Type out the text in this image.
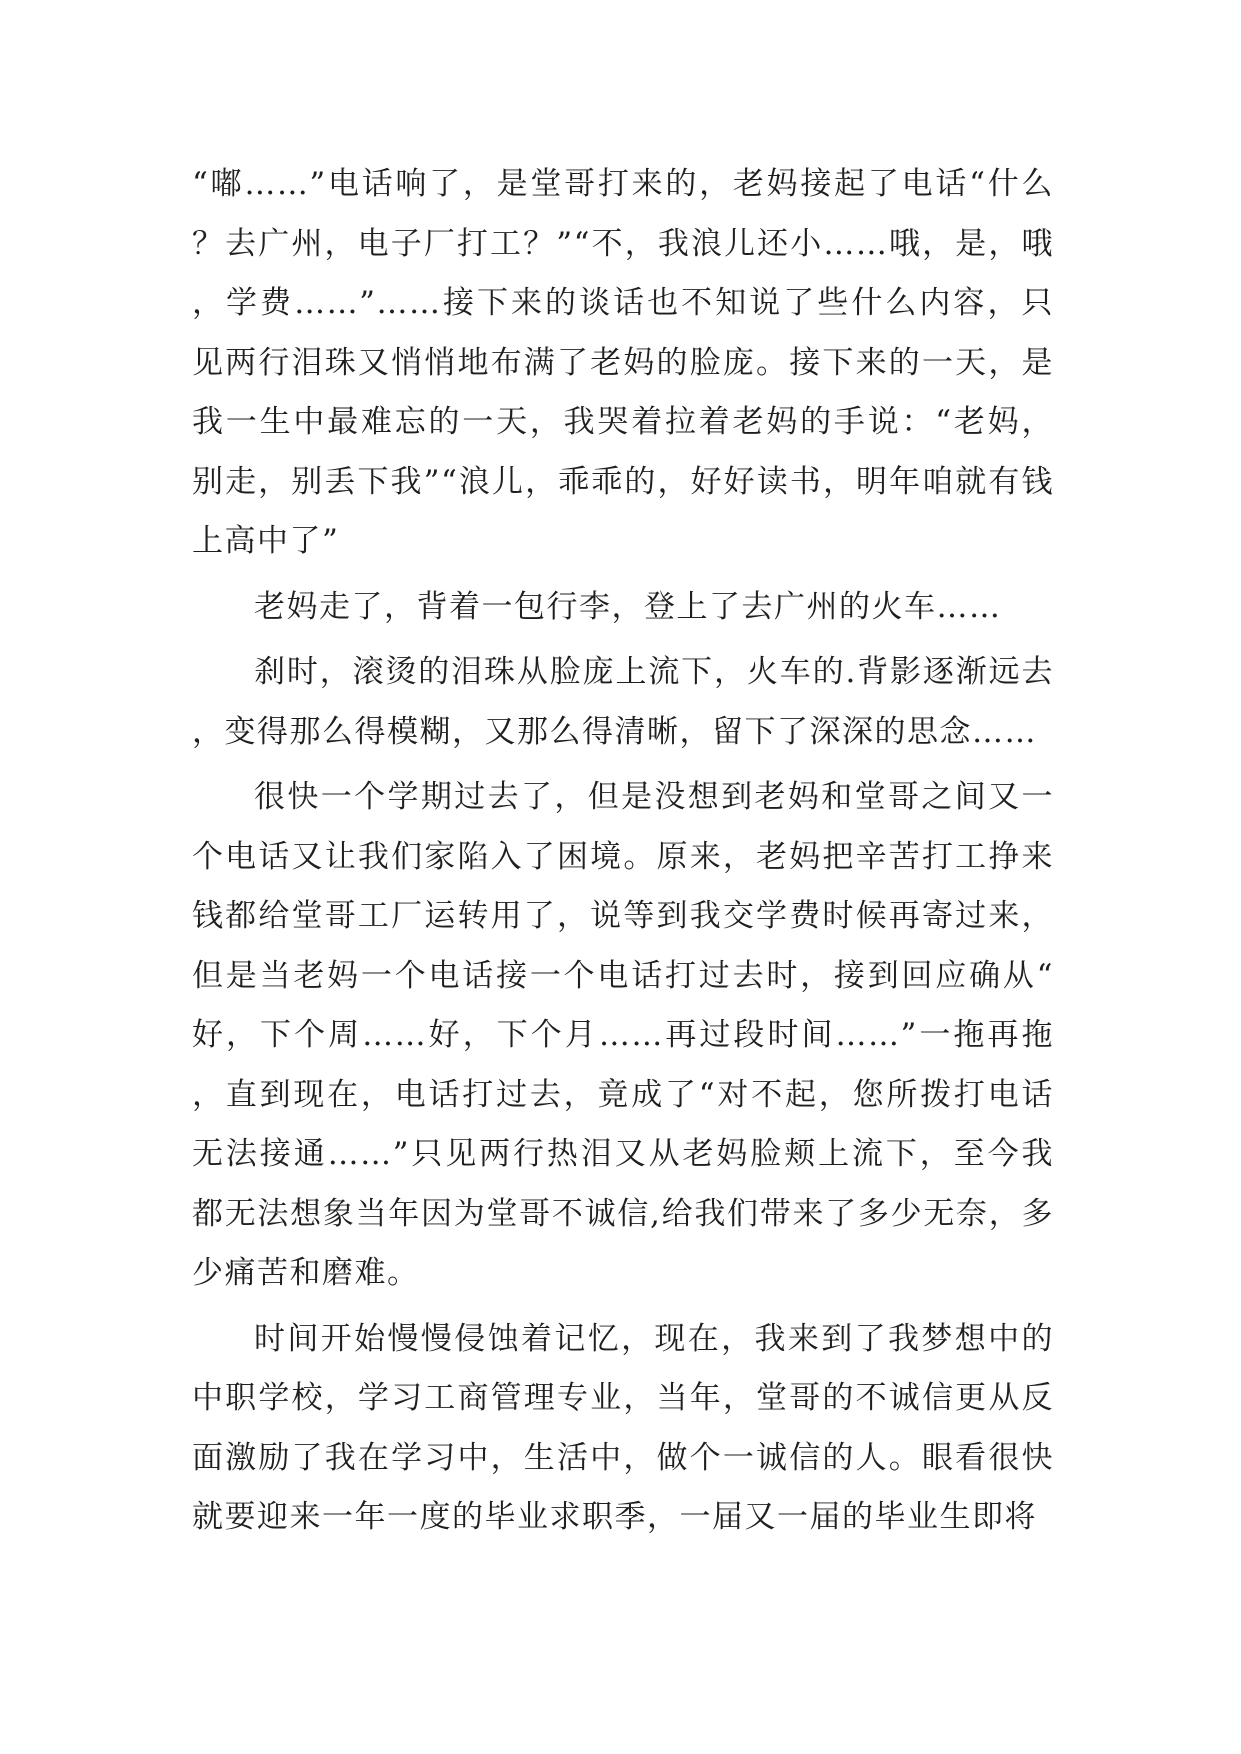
“嘟……”电话响了，是堂哥打来的，老妈接起了电话“什么？去广州，电子厂打工？”“不，我浪儿还小……哦，是，哦，学费……”……接下来的谈话也不知说了些什么内容，只见两行泪珠又悄悄地布满了老妈的脸庞。接下来的一天，是我一生中最难忘的一天，我哭着拉着老妈的手说：“老妈，别走，别丢下我”“浪儿，乖乖的，好好读书，明年咱就有钱上高中了”

老妈走了，背着一包行李，登上了去广州的火车……

刹时，滚烫的泪珠从脸庞上流下，火车的.背影逐渐远去，变得那么得模糊，又那么得清晰，留下了深深的思念……

很快一个学期过去了，但是没想到老妈和堂哥之间又一个电话又让我们家陷入了困境。原来，老妈把辛苦打工挣来钱都给堂哥工厂运转用了，说等到我交学费时候再寄过来，但是当老妈一个电话接一个电话打过去时，接到回应确从“好，下个周……好，下个月……再过段时间……”一拖再拖，直到现在，电话打过去，竟成了“对不起，您所拨打电话无法接通……”只见两行热泪又从老妈脸颊上流下，至今我都无法想象当年因为堂哥不诚信,给我们带来了多少无奈，多少痛苦和磨难。

时间开始慢慢侵蚀着记忆，现在，我来到了我梦想中的中职学校，学习工商管理专业，当年，堂哥的不诚信更从反面激励了我在学习中，生活中，做个一诚信的人。眼看很快就要迎来一年一度的毕业求职季，一届又一届的毕业生即将
